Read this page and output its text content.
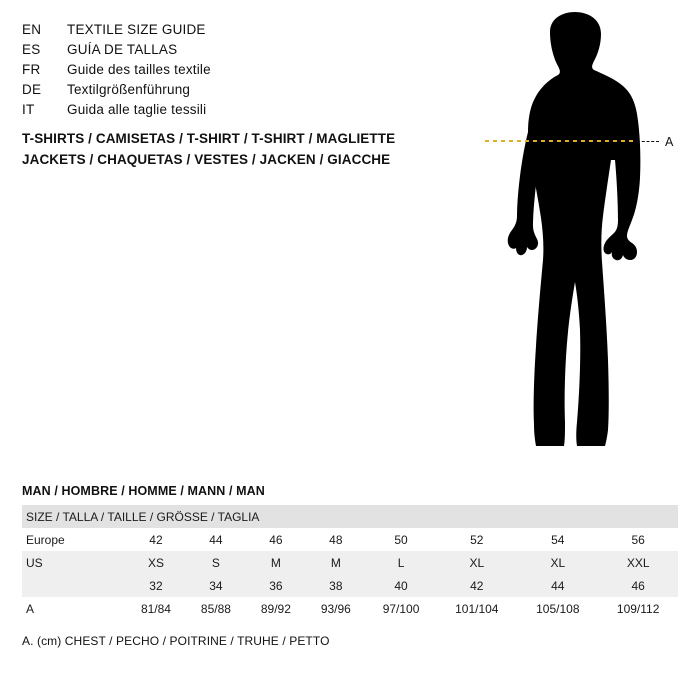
EN	TEXTILE SIZE GUIDE
ES	GUÍA DE TALLAS
FR	Guide des tailles textile
DE	Textilgrößenführung
IT	Guida alle taglie tessili
T-SHIRTS / CAMISETAS / T-SHIRT / T-SHIRT / MAGLIETTE
JACKETS / CHAQUETAS / VESTES / JACKEN / GIACCHE
A
MAN / HOMBRE / HOMME / MANN / MAN
SIZE / TALLA / TAILLE / GRÖSSE / TAGLIA								
Europe	42	44	46	48	50	52	54	56
US	XS	S	M	M	L	XL	XL	XXL
	32	34	36	38	40	42	44	46
A	81/84	85/88	89/92	93/96	97/100	101/104	105/108	109/112
A. (cm) CHEST / PECHO / POITRINE / TRUHE / PETTO
